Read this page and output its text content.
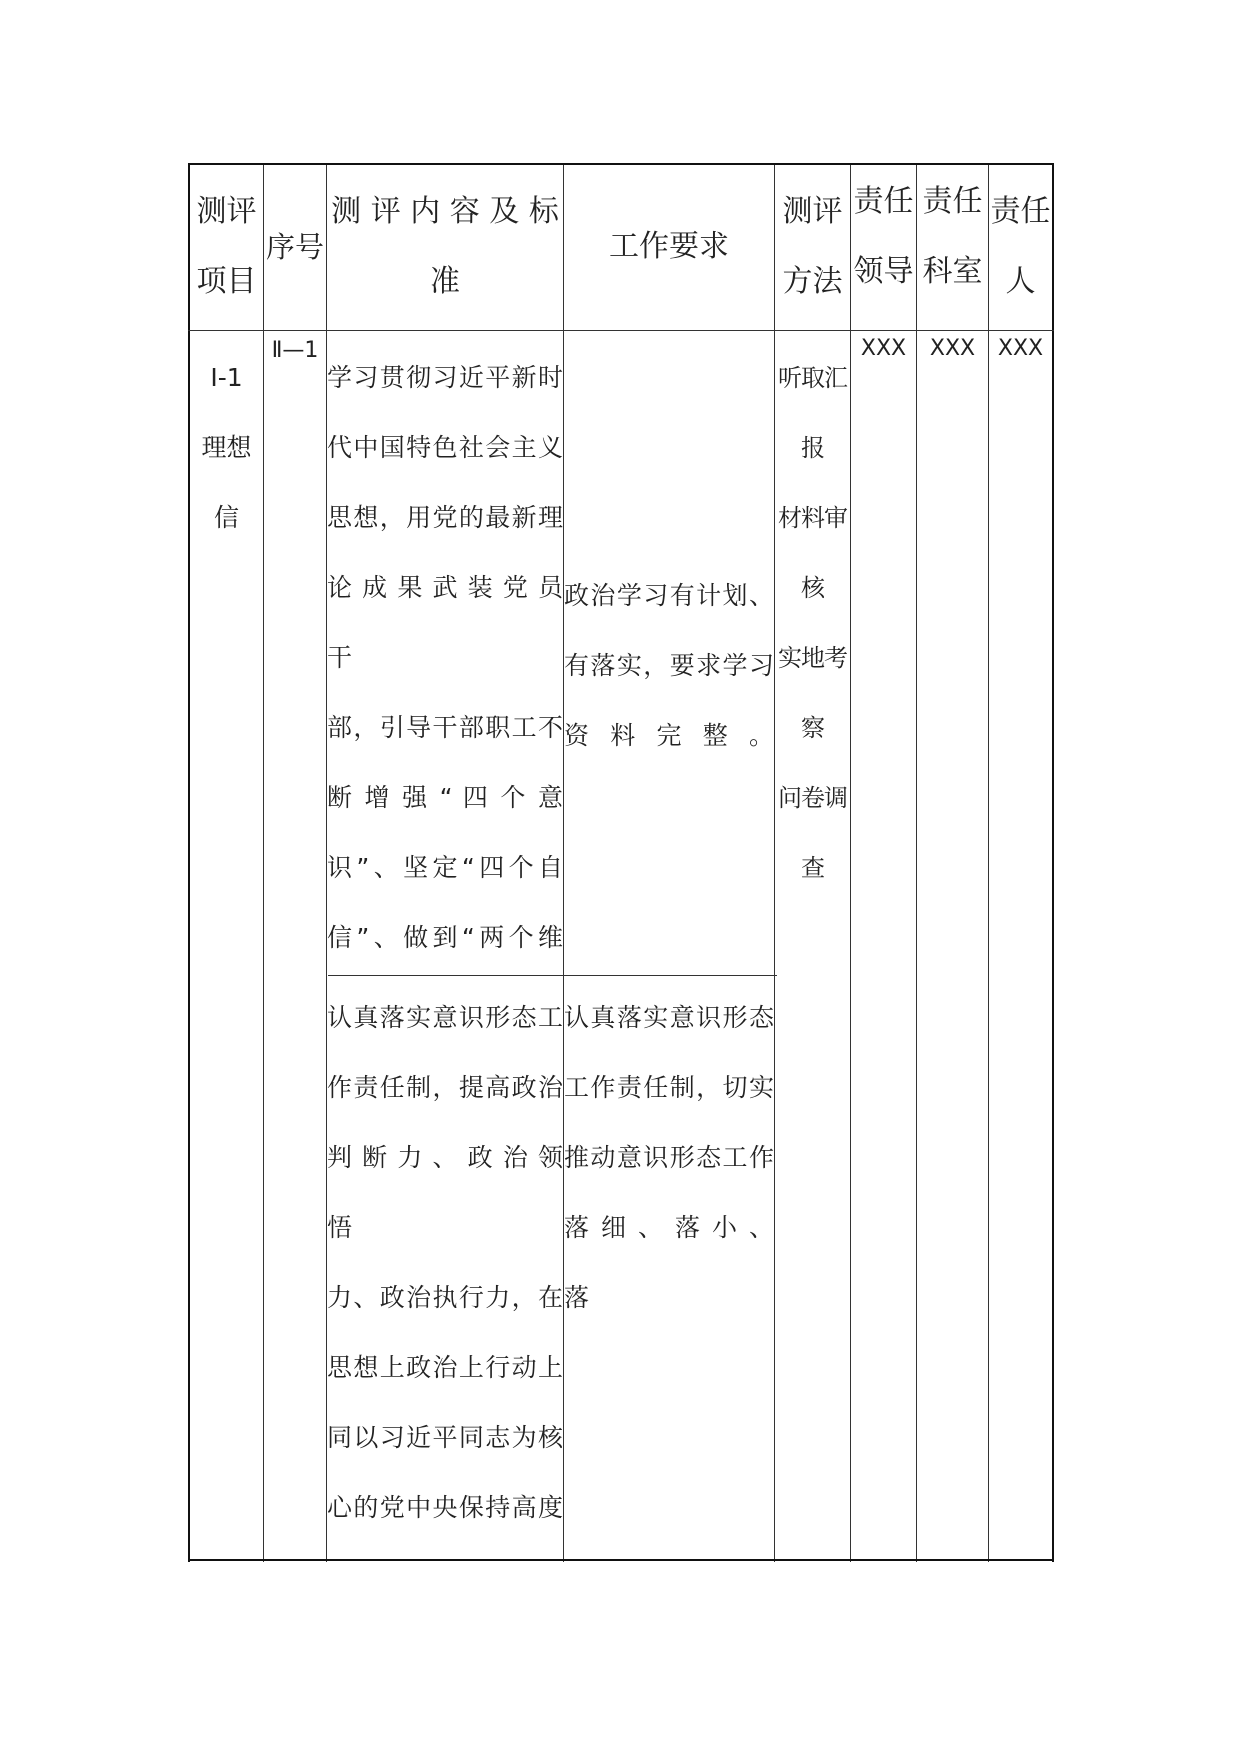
测评
项目
序号
测 评 内 容 及 标
准
工作要求
测评
方法
责任
领导
责任
科室
责任
人
Ⅰ-1
理想信

Ⅱ—1
学习贯彻习近平新时
代中国特色社会主义
思想，用党的最新理
论 成 果 武 装 党 员 干
部，引导干部职工不
断 增 强 “ 四 个 意
识”、坚定“四个自
信”、做到“两个维

政治学习有计划、
有落实，要求学习
资料完整。
认真落实意识形态工
作责任制，提高政治
判 断 力 、 政 治 领 悟
力、政治执行力，在
思想上政治上行动上
同以习近平同志为核
心的党中央保持高度

认真落实意识形态
工作责任制，切实
推动意识形态工作
落 细 、 落 小 、 落

听取汇
报
材料审
核
实地考
察
问卷调
查
XXX	XXX	XXX
